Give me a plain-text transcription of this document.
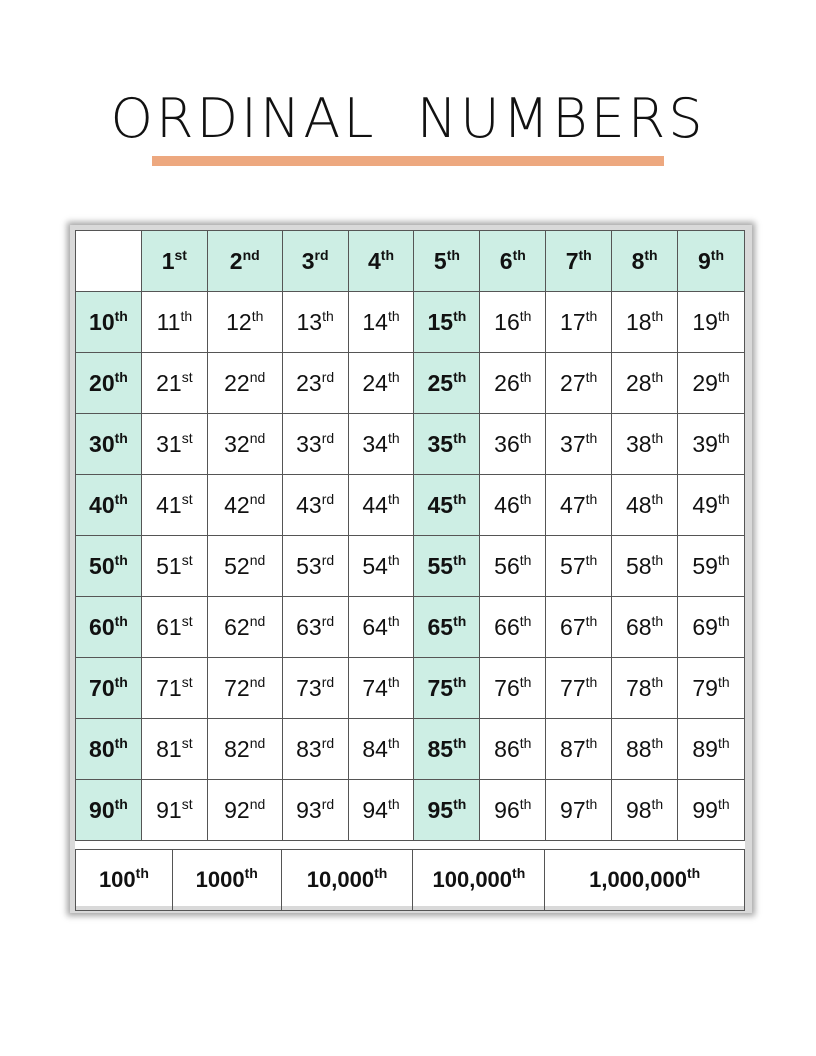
ORDINAL  NUMBERS
	1st	2nd	3rd	4th	5th	6th	7th	8th	9th
10th	11th	12th	13th	14th	15th	16th	17th	18th	19th
20th	21st	22nd	23rd	24th	25th	26th	27th	28th	29th
30th	31st	32nd	33rd	34th	35th	36th	37th	38th	39th
40th	41st	42nd	43rd	44th	45th	46th	47th	48th	49th
50th	51st	52nd	53rd	54th	55th	56th	57th	58th	59th
60th	61st	62nd	63rd	64th	65th	66th	67th	68th	69th
70th	71st	72nd	73rd	74th	75th	76th	77th	78th	79th
80th	81st	82nd	83rd	84th	85th	86th	87th	88th	89th
90th	91st	92nd	93rd	94th	95th	96th	97th	98th	99th
100th	1000th	10,000th	100,000th	1,000,000th
